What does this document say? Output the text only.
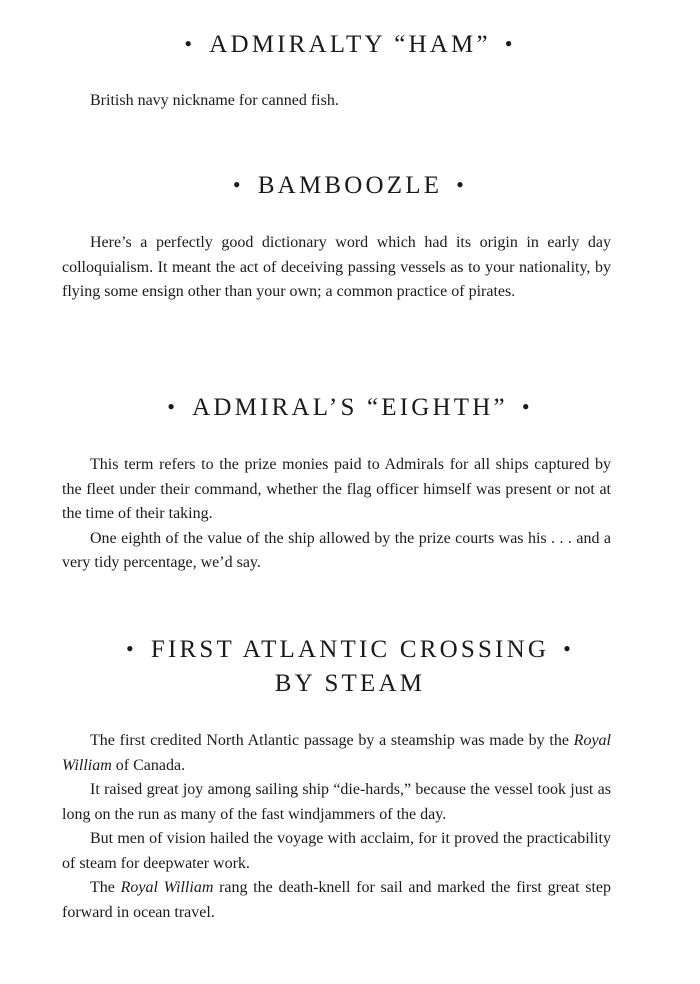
• ADMIRALTY “HAM” •

British navy nickname for canned fish.

• BAMBOOZLE •

Here’s a perfectly good dictionary word which had its origin in early day colloquialism. It meant the act of deceiving passing vessels as to your nationality, by flying some ensign other than your own; a common practice of pirates.

• ADMIRAL’S “EIGHTH” •

This term refers to the prize monies paid to Admirals for all ships captured by the fleet under their command, whether the flag officer himself was present or not at the time of their taking.

One eighth of the value of the ship allowed by the prize courts was his . . . and a very tidy percentage, we’d say.

• FIRST ATLANTIC CROSSING •
BY STEAM

The first credited North Atlantic passage by a steamship was made by the Royal William of Canada.

It raised great joy among sailing ship “die-hards,” because the vessel took just as long on the run as many of the fast windjammers of the day.

But men of vision hailed the voyage with acclaim, for it proved the practicability of steam for deepwater work.

The Royal William rang the death-knell for sail and marked the first great step forward in ocean travel.
